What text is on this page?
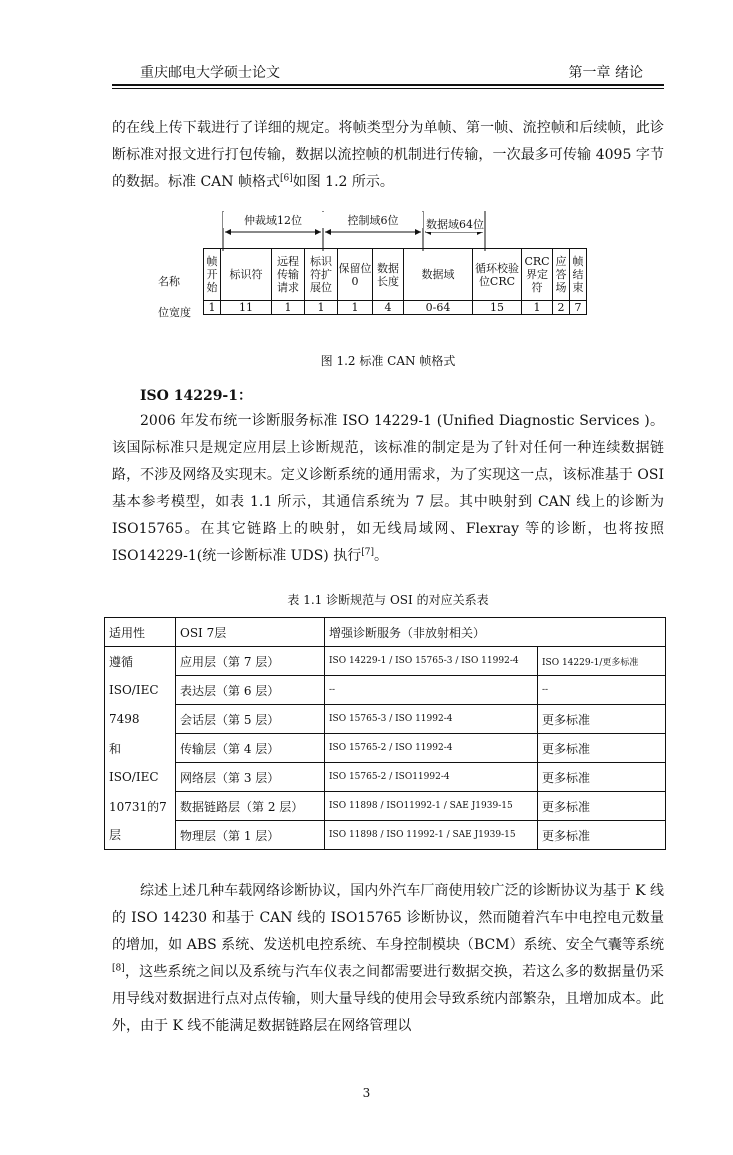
重庆邮电大学硕士论文	第一章 绪论

的在线上传下载进行了详细的规定。将帧类型分为单帧、第一帧、流控帧和后续帧，此诊断标准对报文进行打包传输，数据以流控帧的机制进行传输，一次最多可传输 4095 字节的数据。标准 CAN 帧格式[6]如图 1.2 所示。

仲裁域12位	控制域6位	数据域64位
名称
位宽度
帧开始	标识符	远程传输请求	标识符扩展位	保留位0	数据长度	数据域	循环校验位CRC	CRC界定符	应答场	帧结束
1	11	1	1	1	4	0-64	15	1	2	7
图 1.2 标准 CAN 帧格式
ISO 14229-1：

2006 年发布统一诊断服务标准 ISO 14229-1 (Unified Diagnostic Services )。该国际标准只是规定应用层上诊断规范，该标准的制定是为了针对任何一种连续数据链路，不涉及网络及实现末。定义诊断系统的通用需求，为了实现这一点，该标准基于 OSI 基本参考模型，如表 1.1 所示，其通信系统为 7 层。其中映射到 CAN 线上的诊断为 ISO15765。在其它链路上的映射，如无线局域网、Flexray 等的诊断，也将按照 ISO14229-1(统一诊断标准 UDS) 执行[7]。

表 1.1 诊断规范与 OSI 的对应关系表
适用性	OSI 7层	增强诊断服务（非放射相关）	
遵循	应用层（第 7 层）	ISO 14229-1 / ISO 15765-3 / ISO 11992-4	ISO 14229-1/更多标准
ISO/IEC	表达层（第 6 层）	--	--
7498	会话层（第 5 层）	ISO 15765-3 / ISO 11992-4	更多标准
和	传输层（第 4 层）	ISO 15765-2 / ISO 11992-4	更多标准
ISO/IEC	网络层（第 3 层）	ISO 15765-2 / ISO11992-4	更多标准
10731的7	数据链路层（第 2 层）	ISO 11898 / ISO11992-1 / SAE J1939-15	更多标准
层	物理层（第 1 层）	ISO 11898 / ISO 11992-1 / SAE J1939-15	更多标准

综述上述几种车载网络诊断协议，国内外汽车厂商使用较广泛的诊断协议为基于 K 线的 ISO 14230 和基于 CAN 线的 ISO15765 诊断协议，然而随着汽车中电控电元数量的增加，如 ABS 系统、发送机电控系统、车身控制模块（BCM）系统、安全气囊等系统[8]，这些系统之间以及系统与汽车仪表之间都需要进行数据交换，若这么多的数据量仍采用导线对数据进行点对点传输，则大量导线的使用会导致系统内部繁杂，且增加成本。此外，由于 K 线不能满足数据链路层在网络管理以

3
